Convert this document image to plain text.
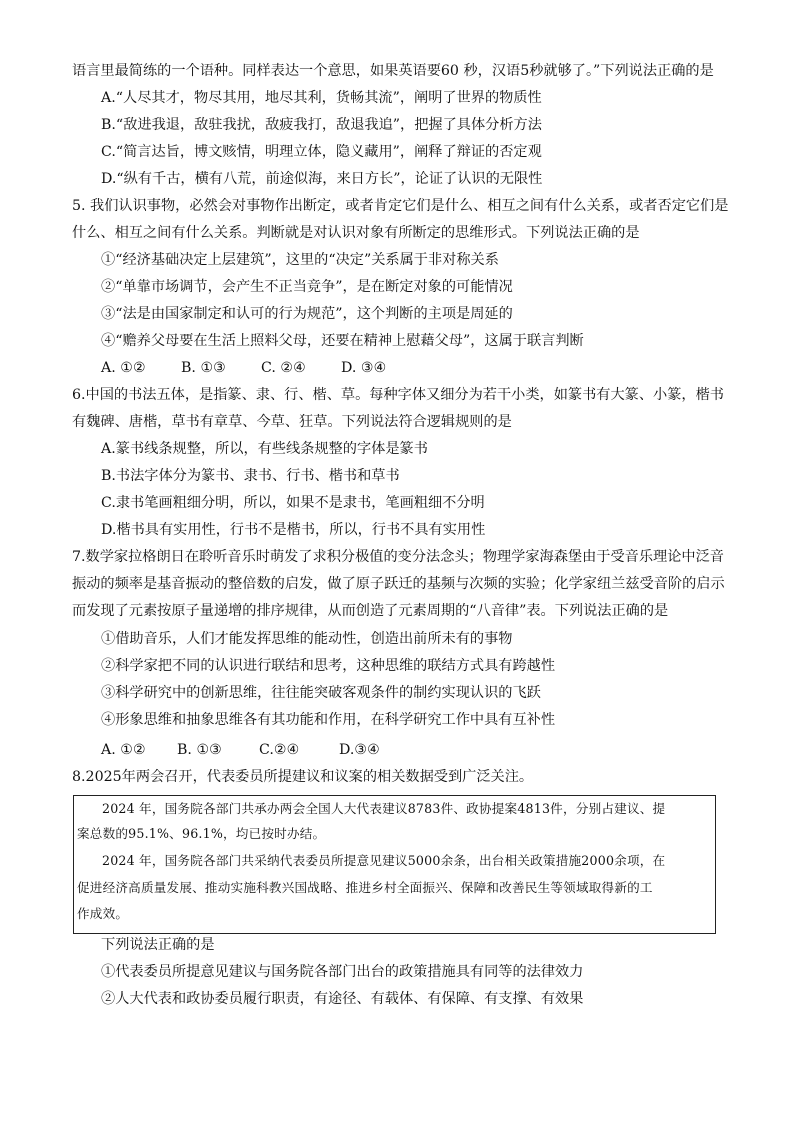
语言里最简练的一个语种。同样表达一个意思，如果英语要60 秒，汉语5秒就够了。”下列说法正确的是
A.“人尽其才，物尽其用，地尽其利，货畅其流”，阐明了世界的物质性
B.“敌进我退，敌驻我扰，敌疲我打，敌退我追”，把握了具体分析方法
C.“简言达旨，博文赅情，明理立体，隐义藏用”，阐释了辩证的否定观
D.“纵有千古，横有八荒，前途似海，来日方长”，论证了认识的无限性
5. 我们认识事物，必然会对事物作出断定，或者肯定它们是什么、相互之间有什么关系，或者否定它们是
什么、相互之间有什么关系。判断就是对认识对象有所断定的思维形式。下列说法正确的是
①“经济基础决定上层建筑”，这里的“决定”关系属于非对称关系
②“单靠市场调节，会产生不正当竞争”，是在断定对象的可能情况
③“法是由国家制定和认可的行为规范”，这个判断的主项是周延的
④“赡养父母要在生活上照料父母，还要在精神上慰藉父母”，这属于联言判断
A. ①② B. ①③ C. ②④ D. ③④
6.中国的书法五体，是指篆、隶、行、楷、草。每种字体又细分为若干小类，如篆书有大篆、小篆，楷书
有魏碑、唐楷，草书有章草、今草、狂草。下列说法符合逻辑规则的是
A.篆书线条规整，所以，有些线条规整的字体是篆书
B.书法字体分为篆书、隶书、行书、楷书和草书
C.隶书笔画粗细分明，所以，如果不是隶书，笔画粗细不分明
D.楷书具有实用性，行书不是楷书，所以，行书不具有实用性
7.数学家拉格朗日在聆听音乐时萌发了求积分极值的变分法念头；物理学家海森堡由于受音乐理论中泛音
振动的频率是基音振动的整倍数的启发，做了原子跃迁的基频与次频的实验；化学家纽兰兹受音阶的启示
而发现了元素按原子量递增的排序规律，从而创造了元素周期的“八音律”表。下列说法正确的是
①借助音乐，人们才能发挥思维的能动性，创造出前所未有的事物
②科学家把不同的认识进行联结和思考，这种思维的联结方式具有跨越性
③科学研究中的创新思维，往往能突破客观条件的制约实现认识的飞跃
④形象思维和抽象思维各有其功能和作用，在科学研究工作中具有互补性
A. ①② B. ①③	C.②④	D.③④
8.2025年两会召开，代表委员所提建议和议案的相关数据受到广泛关注。
2024 年，国务院各部门共承办两会全国人大代表建议8783件、政协提案4813件，分别占建议、提
案总数的95.1%、96.1%，均已按时办结。
2024 年，国务院各部门共采纳代表委员所提意见建议5000余条，出台相关政策措施2000余项，在
促进经济高质量发展、推动实施科教兴国战略、推进乡村全面振兴、保障和改善民生等领域取得新的工
作成效。
下列说法正确的是
①代表委员所提意见建议与国务院各部门出台的政策措施具有同等的法律效力
②人大代表和政协委员履行职责，有途径、有载体、有保障、有支撑、有效果
